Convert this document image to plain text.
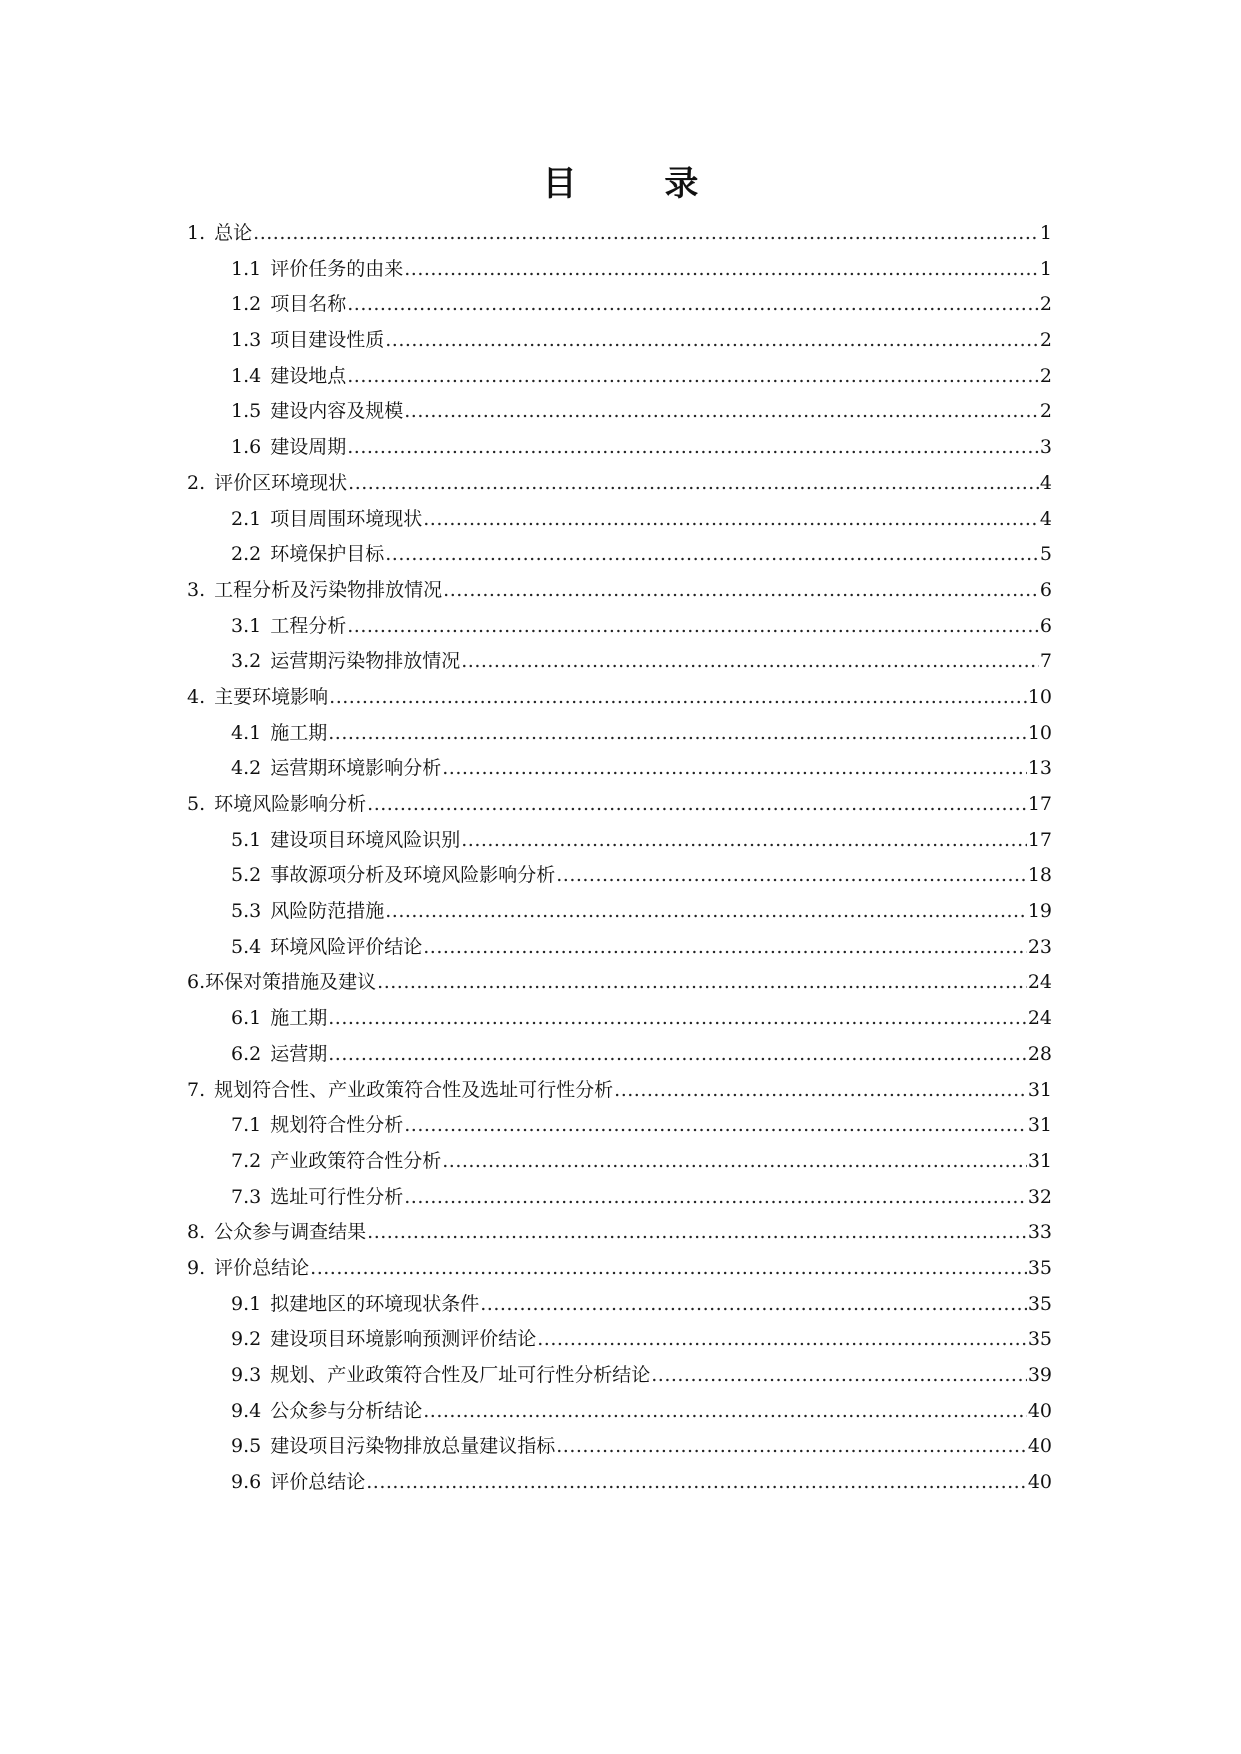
目 录
1. 总论 .....	1
1.1 评价任务的由来 .....	1
1.2 项目名称 .....	2
1.3 项目建设性质 .....	2
1.4 建设地点 .....	2
1.5 建设内容及规模 .....	2
1.6 建设周期 .....	3
2. 评价区环境现状 .....	4
2.1 项目周围环境现状 .....	4
2.2 环境保护目标 .....	5
3. 工程分析及污染物排放情况 .....	6
3.1 工程分析 .....	6
3.2 运营期污染物排放情况 .....	7
4. 主要环境影响 .....	10
4.1 施工期 .....	10
4.2 运营期环境影响分析 .....	13
5. 环境风险影响分析 .....	17
5.1 建设项目环境风险识别 .....	17
5.2 事故源项分析及环境风险影响分析 .....	18
5.3 风险防范措施 .....	19
5.4 环境风险评价结论 .....	23
6.环保对策措施及建议 .....	24
6.1 施工期 .....	24
6.2 运营期 .....	28
7. 规划符合性、产业政策符合性及选址可行性分析 .....	31
7.1 规划符合性分析 .....	31
7.2 产业政策符合性分析 .....	31
7.3 选址可行性分析 .....	32
8. 公众参与调查结果 .....	33
9. 评价总结论 .....	35
9.1 拟建地区的环境现状条件 .....	35
9.2 建设项目环境影响预测评价结论 .....	35
9.3 规划、产业政策符合性及厂址可行性分析结论 .....	39
9.4 公众参与分析结论 .....	40
9.5 建设项目污染物排放总量建议指标 .....	40
9.6 评价总结论 .....	40
